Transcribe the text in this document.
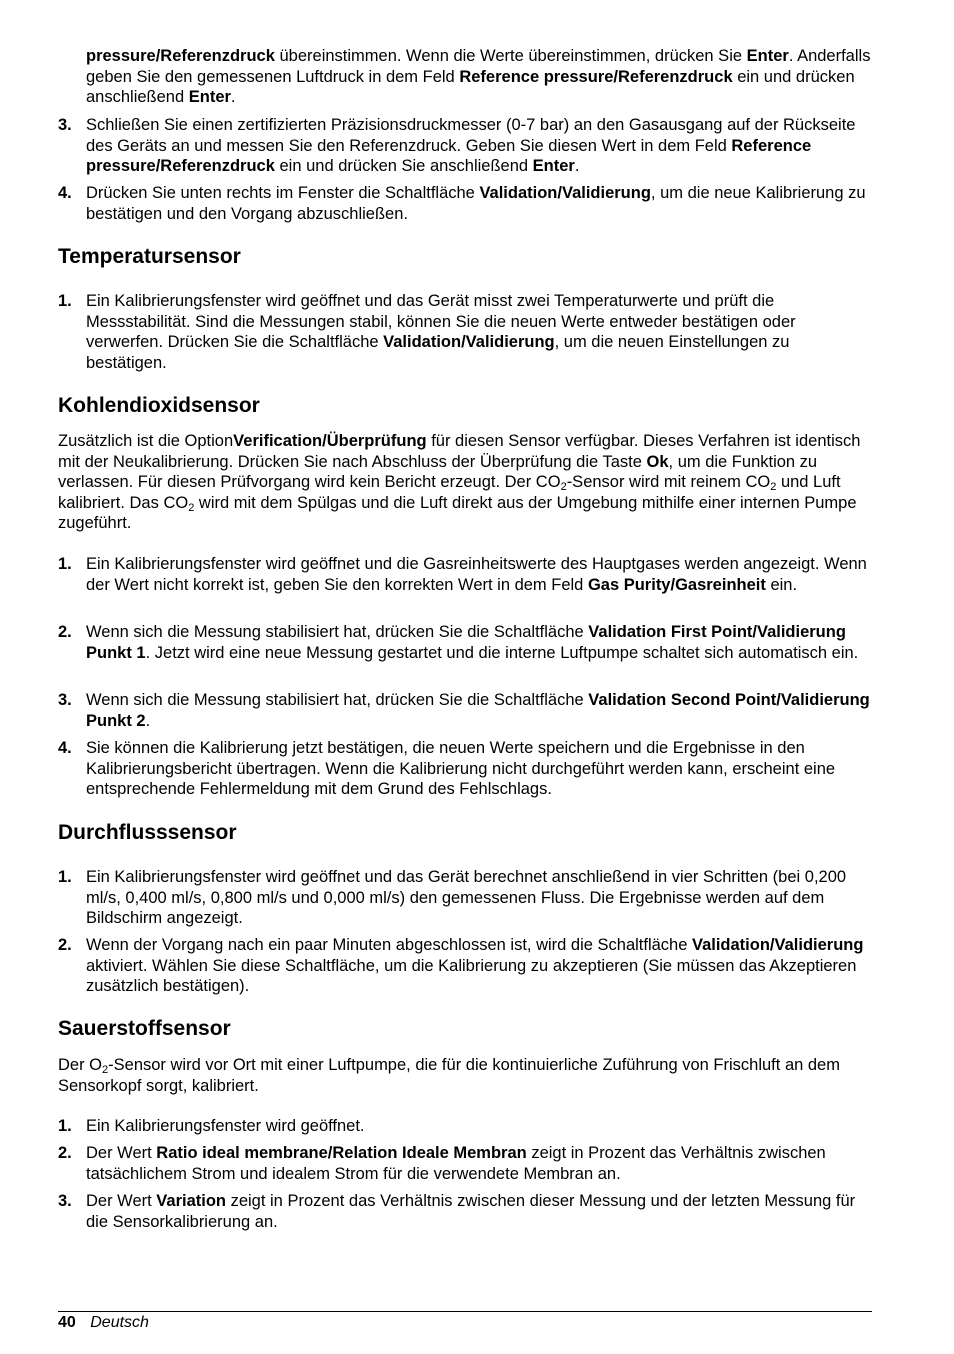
pressure/Referenzdruck übereinstimmen. Wenn die Werte übereinstimmen, drücken Sie Enter. Anderfalls geben Sie den gemessenen Luftdruck in dem Feld Reference pressure/Referenzdruck ein und drücken anschließend Enter.

3. Schließen Sie einen zertifizierten Präzisionsdruckmesser (0-7 bar) an den Gasausgang auf der Rückseite des Geräts an und messen Sie den Referenzdruck. Geben Sie diesen Wert in dem Feld Reference pressure/Referenzdruck ein und drücken Sie anschließend Enter.

4. Drücken Sie unten rechts im Fenster die Schaltfläche Validation/Validierung, um die neue Kalibrierung zu bestätigen und den Vorgang abzuschließen.

Temperatursensor
1. Ein Kalibrierungsfenster wird geöffnet und das Gerät misst zwei Temperaturwerte und prüft die Messstabilität. Sind die Messungen stabil, können Sie die neuen Werte entweder bestätigen oder verwerfen. Drücken Sie die Schaltfläche Validation/Validierung, um die neuen Einstellungen zu bestätigen.

Kohlendioxidsensor

Zusätzlich ist die OptionVerification/Überprüfung für diesen Sensor verfügbar. Dieses Verfahren ist identisch mit der Neukalibrierung. Drücken Sie nach Abschluss der Überprüfung die Taste Ok, um die Funktion zu verlassen. Für diesen Prüfvorgang wird kein Bericht erzeugt. Der $CO_2$-Sensor wird mit reinem $CO_2$ und Luft kalibriert. Das $CO_2$ wird mit dem Spülgas und die Luft direkt aus der Umgebung mithilfe einer internen Pumpe zugeführt.

1. Ein Kalibrierungsfenster wird geöffnet und die Gasreinheitswerte des Hauptgases werden angezeigt. Wenn der Wert nicht korrekt ist, geben Sie den korrekten Wert in dem Feld Gas Purity/Gasreinheit ein.

2. Wenn sich die Messung stabilisiert hat, drücken Sie die Schaltfläche Validation First Point/Validierung Punkt 1. Jetzt wird eine neue Messung gestartet und die interne Luftpumpe schaltet sich automatisch ein.

3. Wenn sich die Messung stabilisiert hat, drücken Sie die Schaltfläche Validation Second Point/Validierung Punkt 2.

4. Sie können die Kalibrierung jetzt bestätigen, die neuen Werte speichern und die Ergebnisse in den Kalibrierungsbericht übertragen. Wenn die Kalibrierung nicht durchgeführt werden kann, erscheint eine entsprechende Fehlermeldung mit dem Grund des Fehlschlags.

Durchflusssensor
1. Ein Kalibrierungsfenster wird geöffnet und das Gerät berechnet anschließend in vier Schritten (bei 0,200 ml/s, 0,400 ml/s, 0,800 ml/s und 0,000 ml/s) den gemessenen Fluss. Die Ergebnisse werden auf dem Bildschirm angezeigt.

2. Wenn der Vorgang nach ein paar Minuten abgeschlossen ist, wird die Schaltfläche Validation/Validierung aktiviert. Wählen Sie diese Schaltfläche, um die Kalibrierung zu akzeptieren (Sie müssen das Akzeptieren zusätzlich bestätigen).

Sauerstoffsensor

Der $O_2$-Sensor wird vor Ort mit einer Luftpumpe, die für die kontinuierliche Zuführung von Frischluft an dem Sensorkopf sorgt, kalibriert.

1. Ein Kalibrierungsfenster wird geöffnet.

2. Der Wert Ratio ideal membrane/Relation Ideale Membran zeigt in Prozent das Verhältnis zwischen tatsächlichem Strom und idealem Strom für die verwendete Membran an.

3. Der Wert Variation zeigt in Prozent das Verhältnis zwischen dieser Messung und der letzten Messung für die Sensorkalibrierung an.

40 Deutsch
